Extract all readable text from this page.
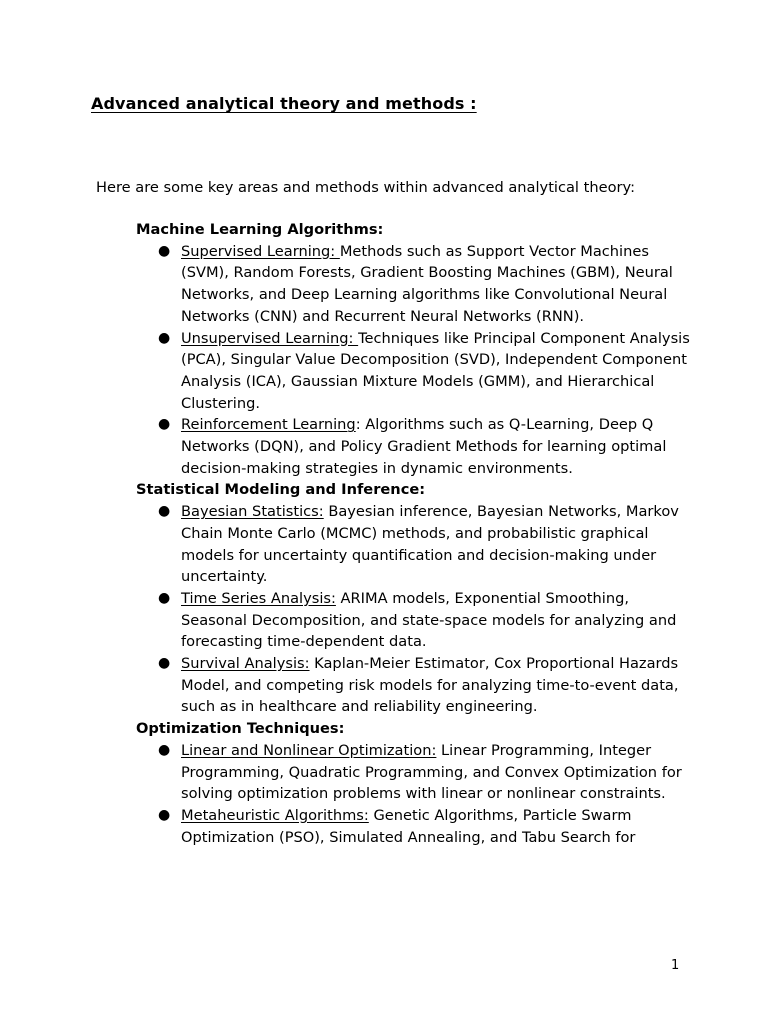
Advanced analytical theory and methods :

Here are some key areas and methods within advanced analytical theory:

Machine Learning Algorithms:

● Supervised Learning: Methods such as Support Vector Machines (SVM), Random Forests, Gradient Boosting Machines (GBM), Neural Networks, and Deep Learning algorithms like Convolutional Neural Networks (CNN) and Recurrent Neural Networks (RNN).
● Unsupervised Learning: Techniques like Principal Component Analysis (PCA), Singular Value Decomposition (SVD), Independent Component Analysis (ICA), Gaussian Mixture Models (GMM), and Hierarchical Clustering.
● Reinforcement Learning: Algorithms such as Q-Learning, Deep Q Networks (DQN), and Policy Gradient Methods for learning optimal decision-making strategies in dynamic environments.

Statistical Modeling and Inference:

● Bayesian Statistics: Bayesian inference, Bayesian Networks, Markov Chain Monte Carlo (MCMC) methods, and probabilistic graphical models for uncertainty quantification and decision-making under uncertainty.
● Time Series Analysis: ARIMA models, Exponential Smoothing, Seasonal Decomposition, and state-space models for analyzing and forecasting time-dependent data.
● Survival Analysis: Kaplan-Meier Estimator, Cox Proportional Hazards Model, and competing risk models for analyzing time-to-event data, such as in healthcare and reliability engineering.

Optimization Techniques:

● Linear and Nonlinear Optimization: Linear Programming, Integer Programming, Quadratic Programming, and Convex Optimization for solving optimization problems with linear or nonlinear constraints.
● Metaheuristic Algorithms: Genetic Algorithms, Particle Swarm Optimization (PSO), Simulated Annealing, and Tabu Search for
1
